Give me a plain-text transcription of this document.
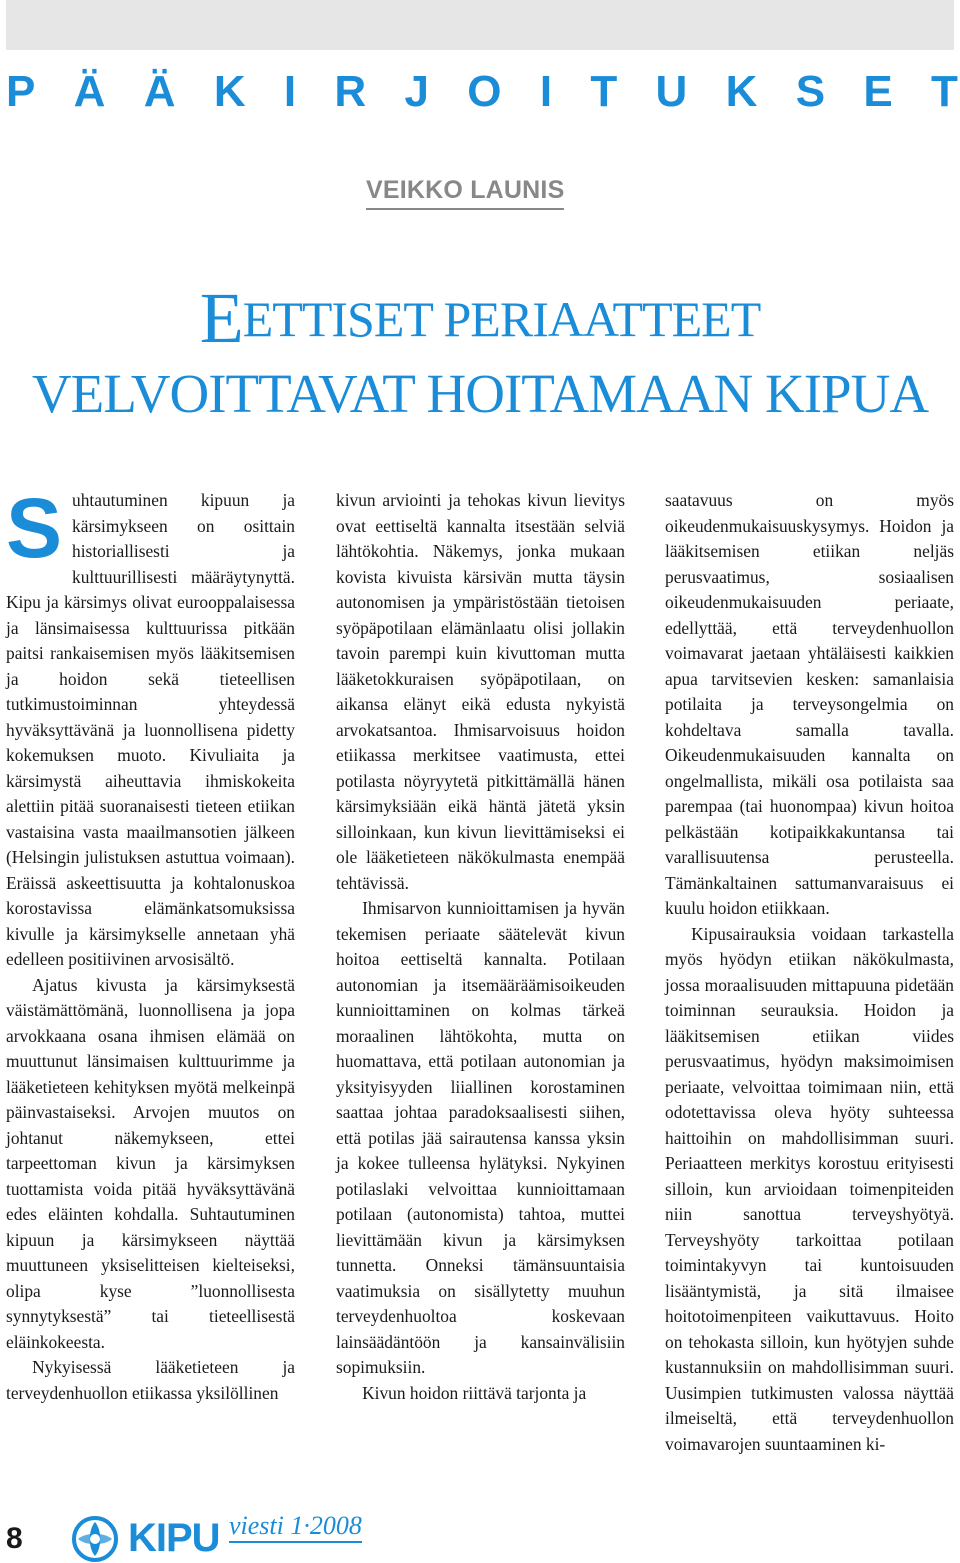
P Ä Ä K I R J O I T U K S E T
VEIKKO LAUNIS
EETTISET PERIAATTEET
VELVOITTAVAT HOITAMAAN KIPUA

Suhtautuminen kipuun ja kärsimykseen on osittain historiallisesti ja kulttuurillisesti määräytynyttä. Kipu ja kärsimys olivat eurooppalaisessa ja länsimaisessa kulttuurissa pitkään paitsi rankaisemisen myös lääkitsemisen ja hoidon sekä tieteellisen tutkimustoiminnan yhteydessä hyväksyttävänä ja luonnollisena pidetty kokemuksen muoto. Kivuliaita ja kärsimystä aiheuttavia ihmiskokeita alettiin pitää suoranaisesti tieteen etiikan vastaisina vasta maailmansotien jälkeen (Helsingin julistuksen astuttua voimaan). Eräissä askeettisuutta ja kohtalonuskoa korostavissa elämänkatsomuksissa kivulle ja kärsimykselle annetaan yhä edelleen positiivinen arvosisältö.

Ajatus kivusta ja kärsimyksestä väistämättömänä, luonnollisena ja jopa arvokkaana osana ihmisen elämää on muuttunut länsimaisen kulttuurimme ja lääketieteen kehityksen myötä melkeinpä päinvastaiseksi. Arvojen muutos on johtanut näkemykseen, ettei tarpeettoman kivun ja kärsimyksen tuottamista voida pitää hyväksyttävänä edes eläinten kohdalla. Suhtautuminen kipuun ja kärsimykseen näyttää muuttuneen yksiselitteisen kielteiseksi, olipa kyse ”luonnollisesta synnytyksestä” tai tieteellisestä eläinkokeesta.

Nykyisessä lääketieteen ja terveydenhuollon etiikassa yksilöllinen

kivun arviointi ja tehokas kivun lievitys ovat eettiseltä kannalta itsestään selviä lähtökohtia. Näkemys, jonka mukaan kovista kivuista kärsivän mutta täysin autonomisen ja ympäristöstään tietoisen syöpäpotilaan elämänlaatu olisi jollakin tavoin parempi kuin kivuttoman mutta lääketokkuraisen syöpäpotilaan, on aikansa elänyt eikä edusta nykyistä arvokatsantoa. Ihmisarvoisuus hoidon etiikassa merkitsee vaatimusta, ettei potilasta nöyryytetä pitkittämällä hänen kärsimyksiään eikä häntä jätetä yksin silloinkaan, kun kivun lievittämiseksi ei ole lääketieteen näkökulmasta enempää tehtävissä.

Ihmisarvon kunnioittamisen ja hyvän tekemisen periaate säätelevät kivun hoitoa eettiseltä kannalta. Potilaan autonomian ja itsemääräämisoikeuden kunnioittaminen on kolmas tärkeä moraalinen lähtökohta, mutta on huomattava, että potilaan autonomian ja yksityisyyden liiallinen korostaminen saattaa johtaa paradoksaalisesti siihen, että potilas jää sairautensa kanssa yksin ja kokee tulleensa hylätyksi. Nykyinen potilaslaki velvoittaa kunnioittamaan potilaan (autonomista) tahtoa, muttei lievittämään kivun ja kärsimyksen tunnetta. Onneksi tämänsuuntaisia vaatimuksia on sisällytetty muuhun terveydenhuoltoa koskevaan lainsäädäntöön ja kansainvälisiin sopimuksiin.

Kivun hoidon riittävä tarjonta ja

saatavuus on myös oikeudenmukaisuuskysymys. Hoidon ja lääkitsemisen etiikan neljäs perusvaatimus, sosiaalisen oikeudenmukaisuuden periaate, edellyttää, että terveydenhuollon voimavarat jaetaan yhtäläisesti kaikkien apua tarvitsevien kesken: samanlaisia potilaita ja terveysongelmia on kohdeltava samalla tavalla. Oikeudenmukaisuuden kannalta on ongelmallista, mikäli osa potilaista saa parempaa (tai huonompaa) kivun hoitoa pelkästään kotipaikkakuntansa tai varallisuutensa perusteella. Tämänkaltainen sattumanvaraisuus ei kuulu hoidon etiikkaan.

Kipusairauksia voidaan tarkastella myös hyödyn etiikan näkökulmasta, jossa moraalisuuden mittapuuna pidetään toiminnan seurauksia. Hoidon ja lääkitsemisen etiikan viides perusvaatimus, hyödyn maksimoimisen periaate, velvoittaa toimimaan niin, että odotettavissa oleva hyöty suhteessa haittoihin on mahdollisimman suuri. Periaatteen merkitys korostuu erityisesti silloin, kun arvioidaan toimenpiteiden niin sanottua terveyshyötyä. Terveyshyöty tarkoittaa potilaan toimintakyvyn tai kuntoisuuden lisääntymistä, ja sitä ilmaisee hoitotoimenpiteen vaikuttavuus. Hoito on tehokasta silloin, kun hyötyjen suhde kustannuksiin on mahdollisimman suuri. Uusimpien tutkimusten valossa näyttää ilmeiseltä, että terveydenhuollon voimavarojen suuntaaminen ki-

8	KIPU viesti 1·2008
